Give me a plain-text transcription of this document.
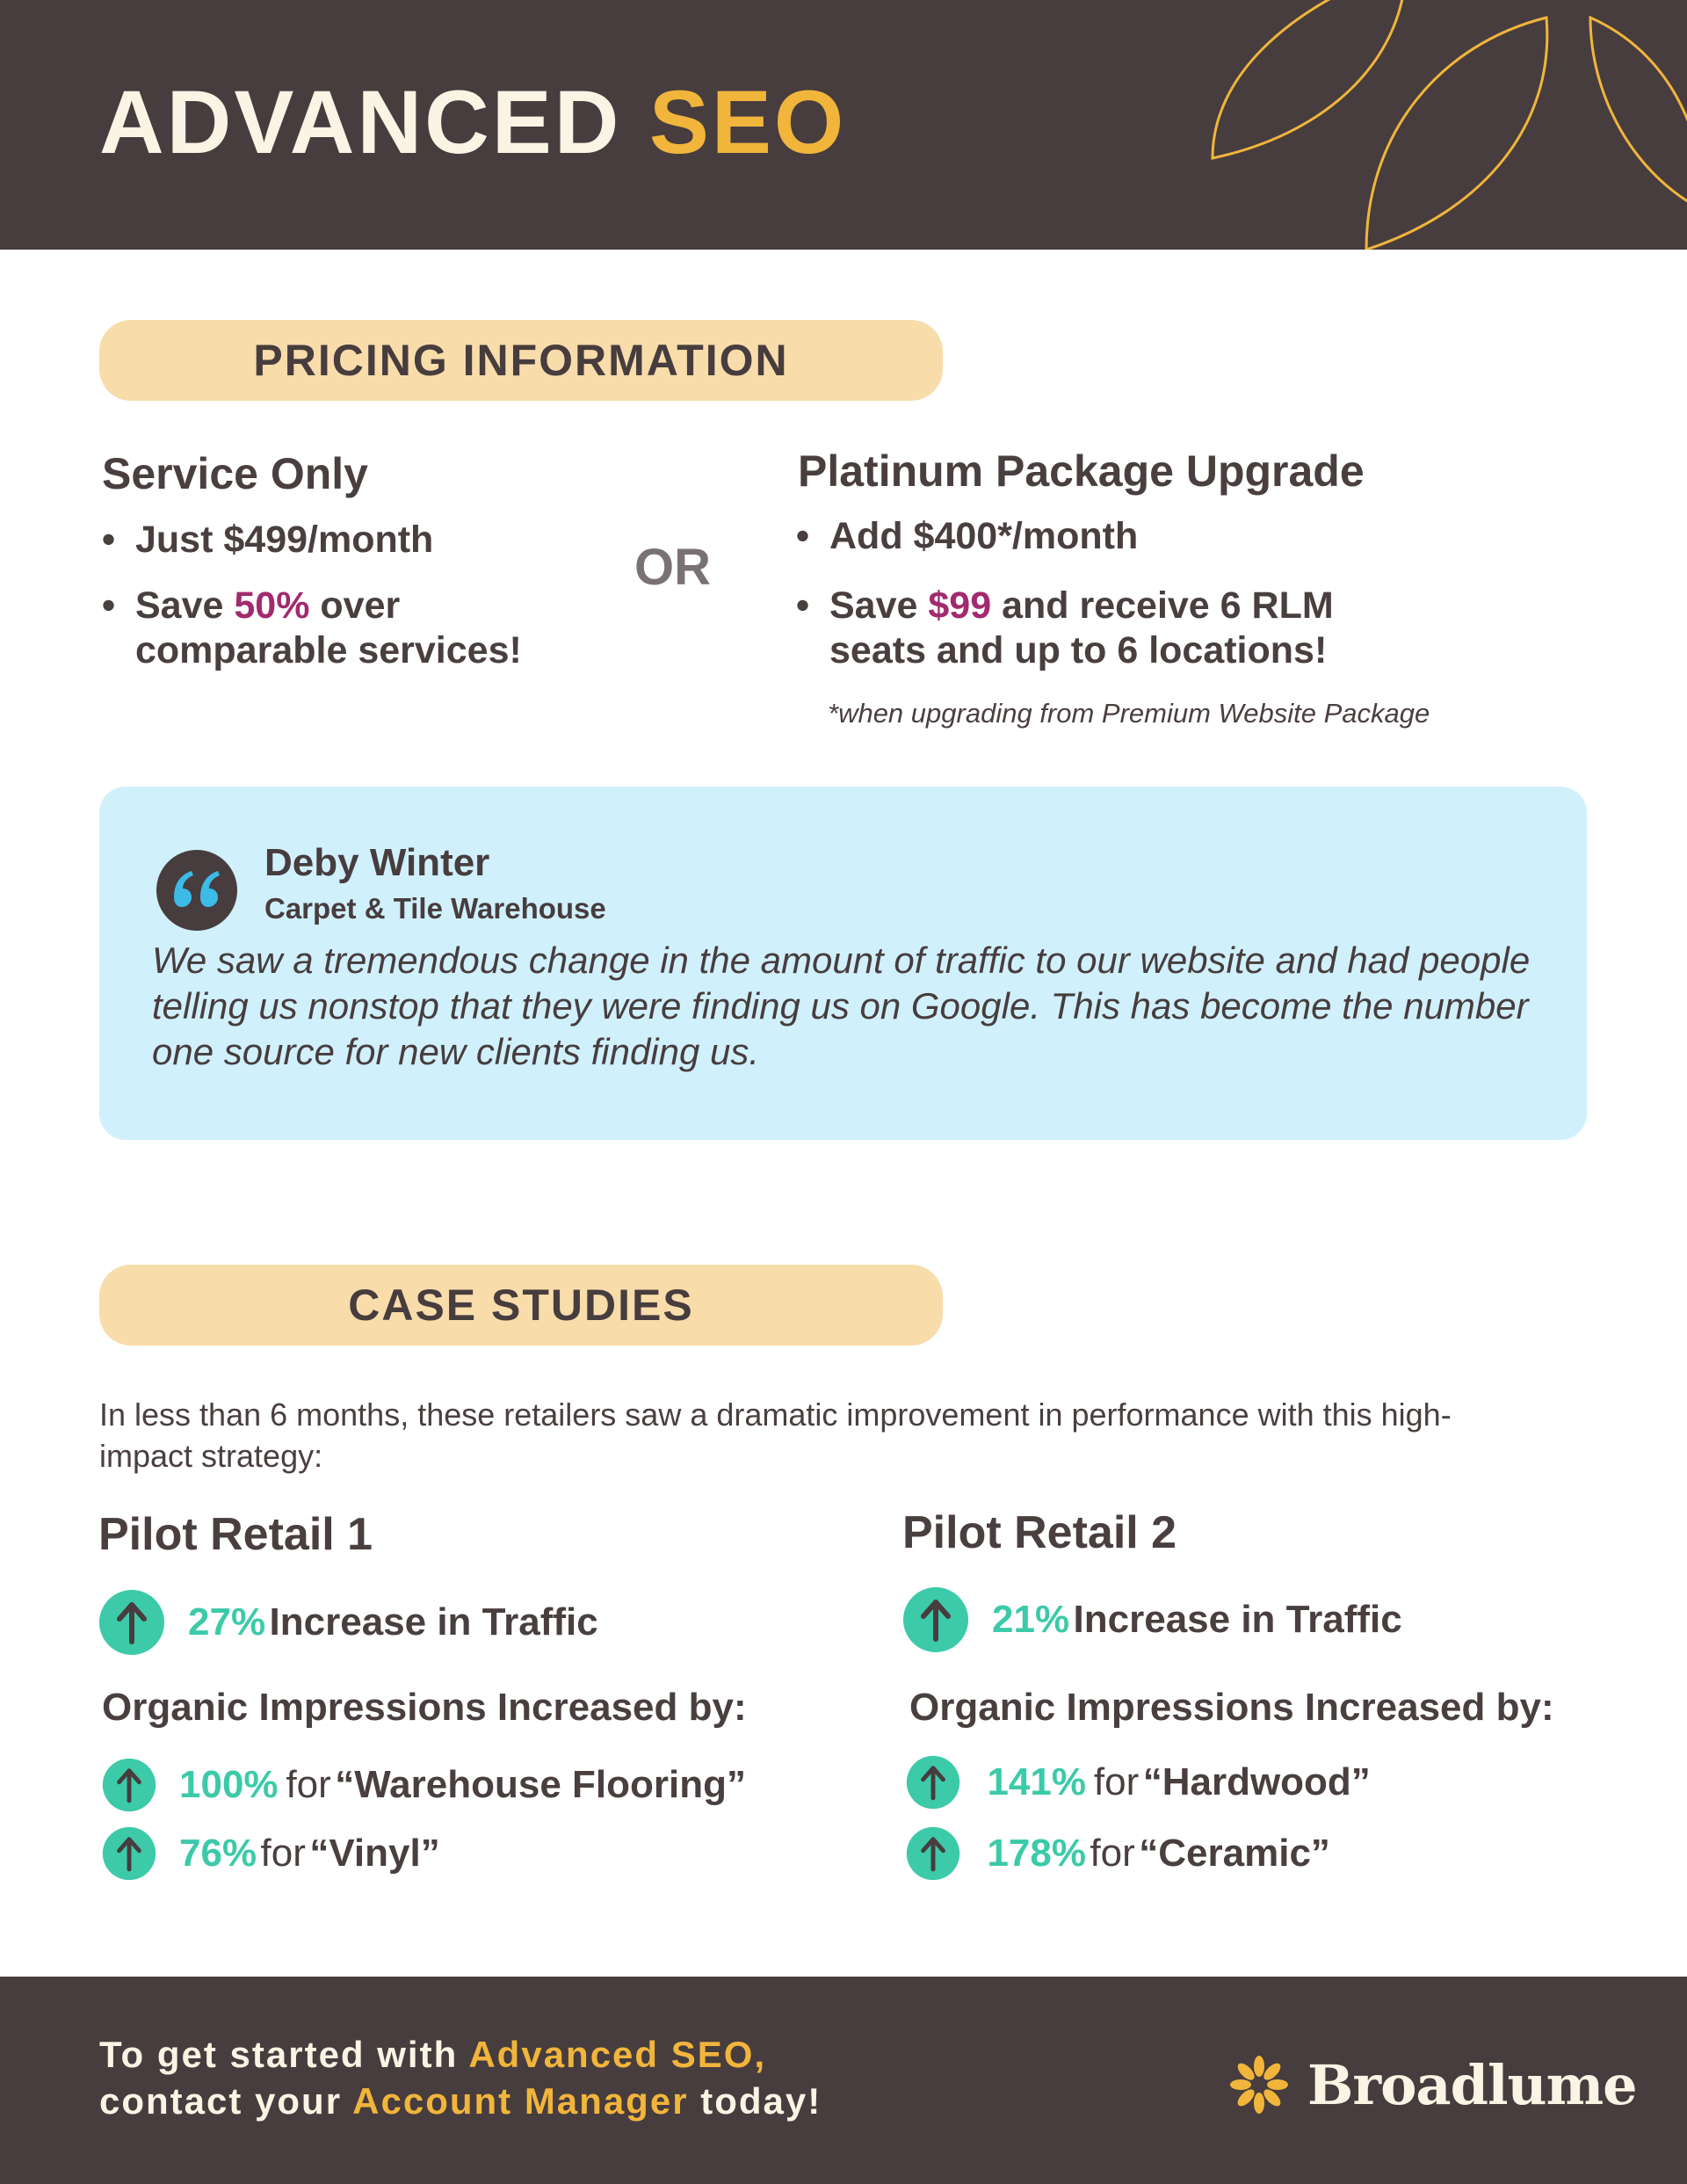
ADVANCED SEO
PRICING INFORMATION
Service Only
• Just $499/month
• Save 50% over comparable services!
OR
Platinum Package Upgrade
• Add $400*/month
• Save $99 and receive 6 RLM seats and up to 6 locations!
*when upgrading from Premium Website Package
Deby Winter
Carpet & Tile Warehouse
We saw a tremendous change in the amount of traffic to our website and had people telling us nonstop that they were finding us on Google. This has become the number one source for new clients finding us.
CASE STUDIES
In less than 6 months, these retailers saw a dramatic improvement in performance with this high-impact strategy:
Pilot Retail 1
27%
Increase in Traffic
Organic Impressions Increased by:
100%
for
“Warehouse Flooring”
76%
for
“Vinyl”
Pilot Retail 2
21%
Increase in Traffic
Organic Impressions Increased by:

141%
for
“Hardwood”

178%
for
“Ceramic”
To get started with Advanced SEO,
contact your Account Manager today!	Broadlume
